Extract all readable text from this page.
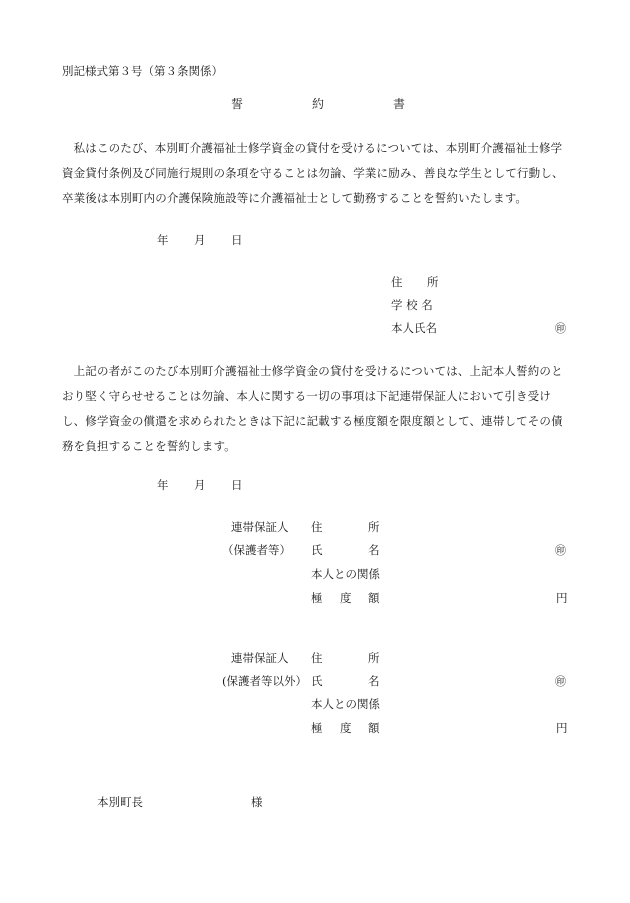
別記様式第３号（第３条関係）
誓	約	書
　私はこのたび、本別町介護福祉士修学資金の貸付を受けるについては、本別町介護福祉士修学資金貸付条例及び同施行規則の条項を守ることは勿論、学業に励み、善良な学生として行動し、卒業後は本別町内の介護保険施設等に介護福祉士として勤務することを誓約いたします。
年 月 日
住 所
学 校 名
本人氏名	㊞
　上記の者がこのたび本別町介護福祉士修学資金の貸付を受けるについては、上記本人誓約のとおり堅く守らせせることは勿論、本人に関する一切の事項は下記連帯保証人において引き受けし、修学資金の償還を求められたときは下記に記載する極度額を限度額として、連帯してその債務を負担することを誓約します。
年 月 日
連帯保証人
（保護者等）
住	所
氏	名	㊞
本人との関係
極 度 額	円
連帯保証人
(保護者等以外）
住	所
氏	名	㊞
本人との関係
極 度 額	円
本別町長	様
